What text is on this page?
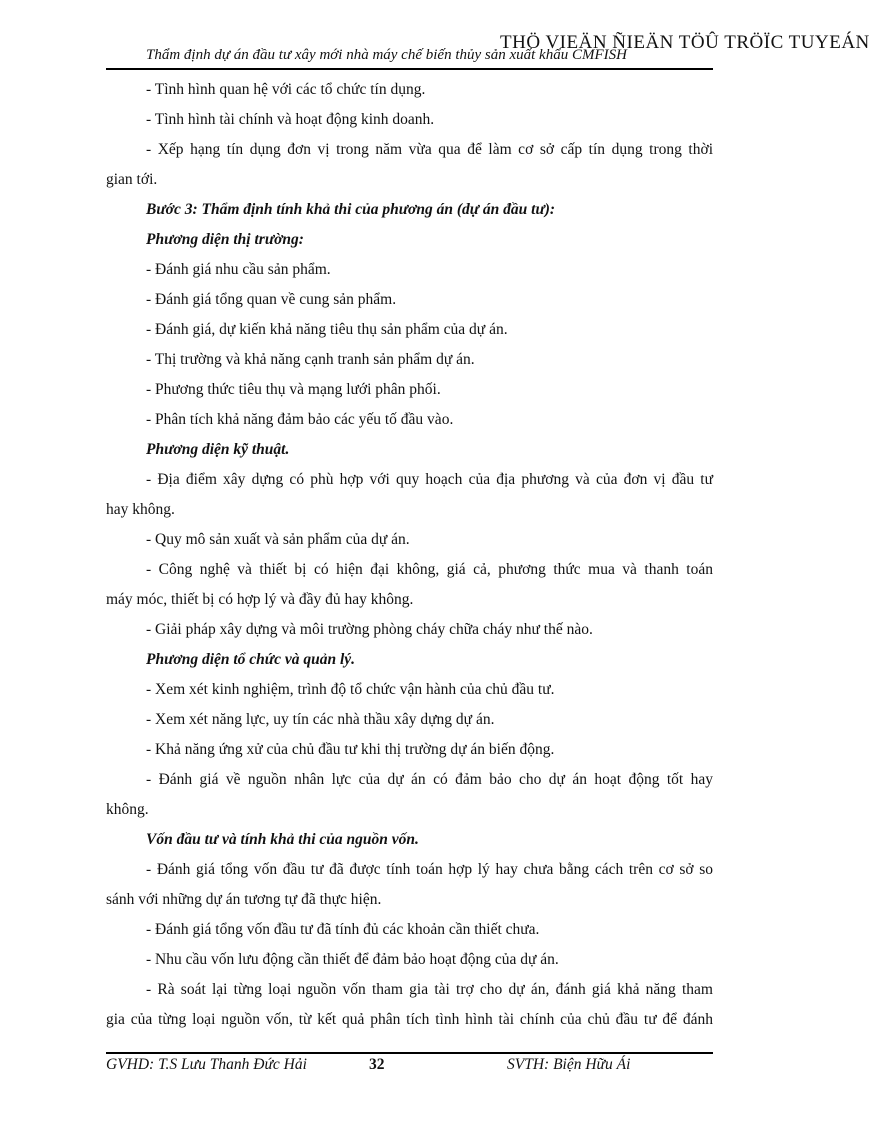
Thẩm định dự án đầu tư xây mới nhà máy chế biến thủy sản xuất khẩu CMFISH
THÖ VIEÄN ÑIEÄN TÖÛ TRÖÏC TUYEÁN

- Tình hình quan hệ với các tổ chức tín dụng.

- Tình hình tài chính và hoạt động kinh doanh.

- Xếp hạng tín dụng đơn vị trong năm vừa qua để làm cơ sở cấp tín dụng trong thời

gian tới.

Bước 3: Thẩm định tính khả thi của phương án (dự án đầu tư):

Phương diện thị trường:

- Đánh giá nhu cầu sản phẩm.

- Đánh giá tổng quan về cung sản phẩm.

- Đánh giá, dự kiến khả năng tiêu thụ sản phẩm của dự án.

- Thị trường và khả năng cạnh tranh sản phẩm dự án.

- Phương thức tiêu thụ và mạng lưới phân phối.

- Phân tích khả năng đảm bảo các yếu tố đầu vào.

Phương diện kỹ thuật.

- Địa điểm xây dựng có phù hợp với quy hoạch của địa phương và của đơn vị đầu tư

hay không.

- Quy mô sản xuất và sản phẩm của dự án.

- Công nghệ và thiết bị có hiện đại không, giá cả, phương thức mua và thanh toán

máy móc, thiết bị có hợp lý và đầy đủ hay không.

- Giải pháp xây dựng và môi trường phòng cháy chữa cháy như thế nào.

Phương diện tổ chức và quản lý.

- Xem xét kinh nghiệm, trình độ tổ chức vận hành của chủ đầu tư.

- Xem xét năng lực, uy tín các nhà thầu xây dựng dự án.

- Khả năng ứng xử của chủ đầu tư khi thị trường dự án biến động.

- Đánh giá về nguồn nhân lực của dự án có đảm bảo cho dự án hoạt động tốt hay

không.

Vốn đầu tư và tính khả thi của nguồn vốn.

- Đánh giá tổng vốn đầu tư đã được tính toán hợp lý hay chưa bằng cách trên cơ sở so

sánh với những dự án tương tự đã thực hiện.

- Đánh giá tổng vốn đầu tư đã tính đủ các khoản cần thiết chưa.

- Nhu cầu vốn lưu động cần thiết để đảm bảo hoạt động của dự án.

- Rà soát lại từng loại nguồn vốn tham gia tài trợ cho dự án, đánh giá khả năng tham

gia của từng loại nguồn vốn, từ kết quả phân tích tình hình tài chính của chủ đầu tư để đánh

GVHD: T.S Lưu Thanh Đức Hải	32	SVTH: Biện Hữu Ái
